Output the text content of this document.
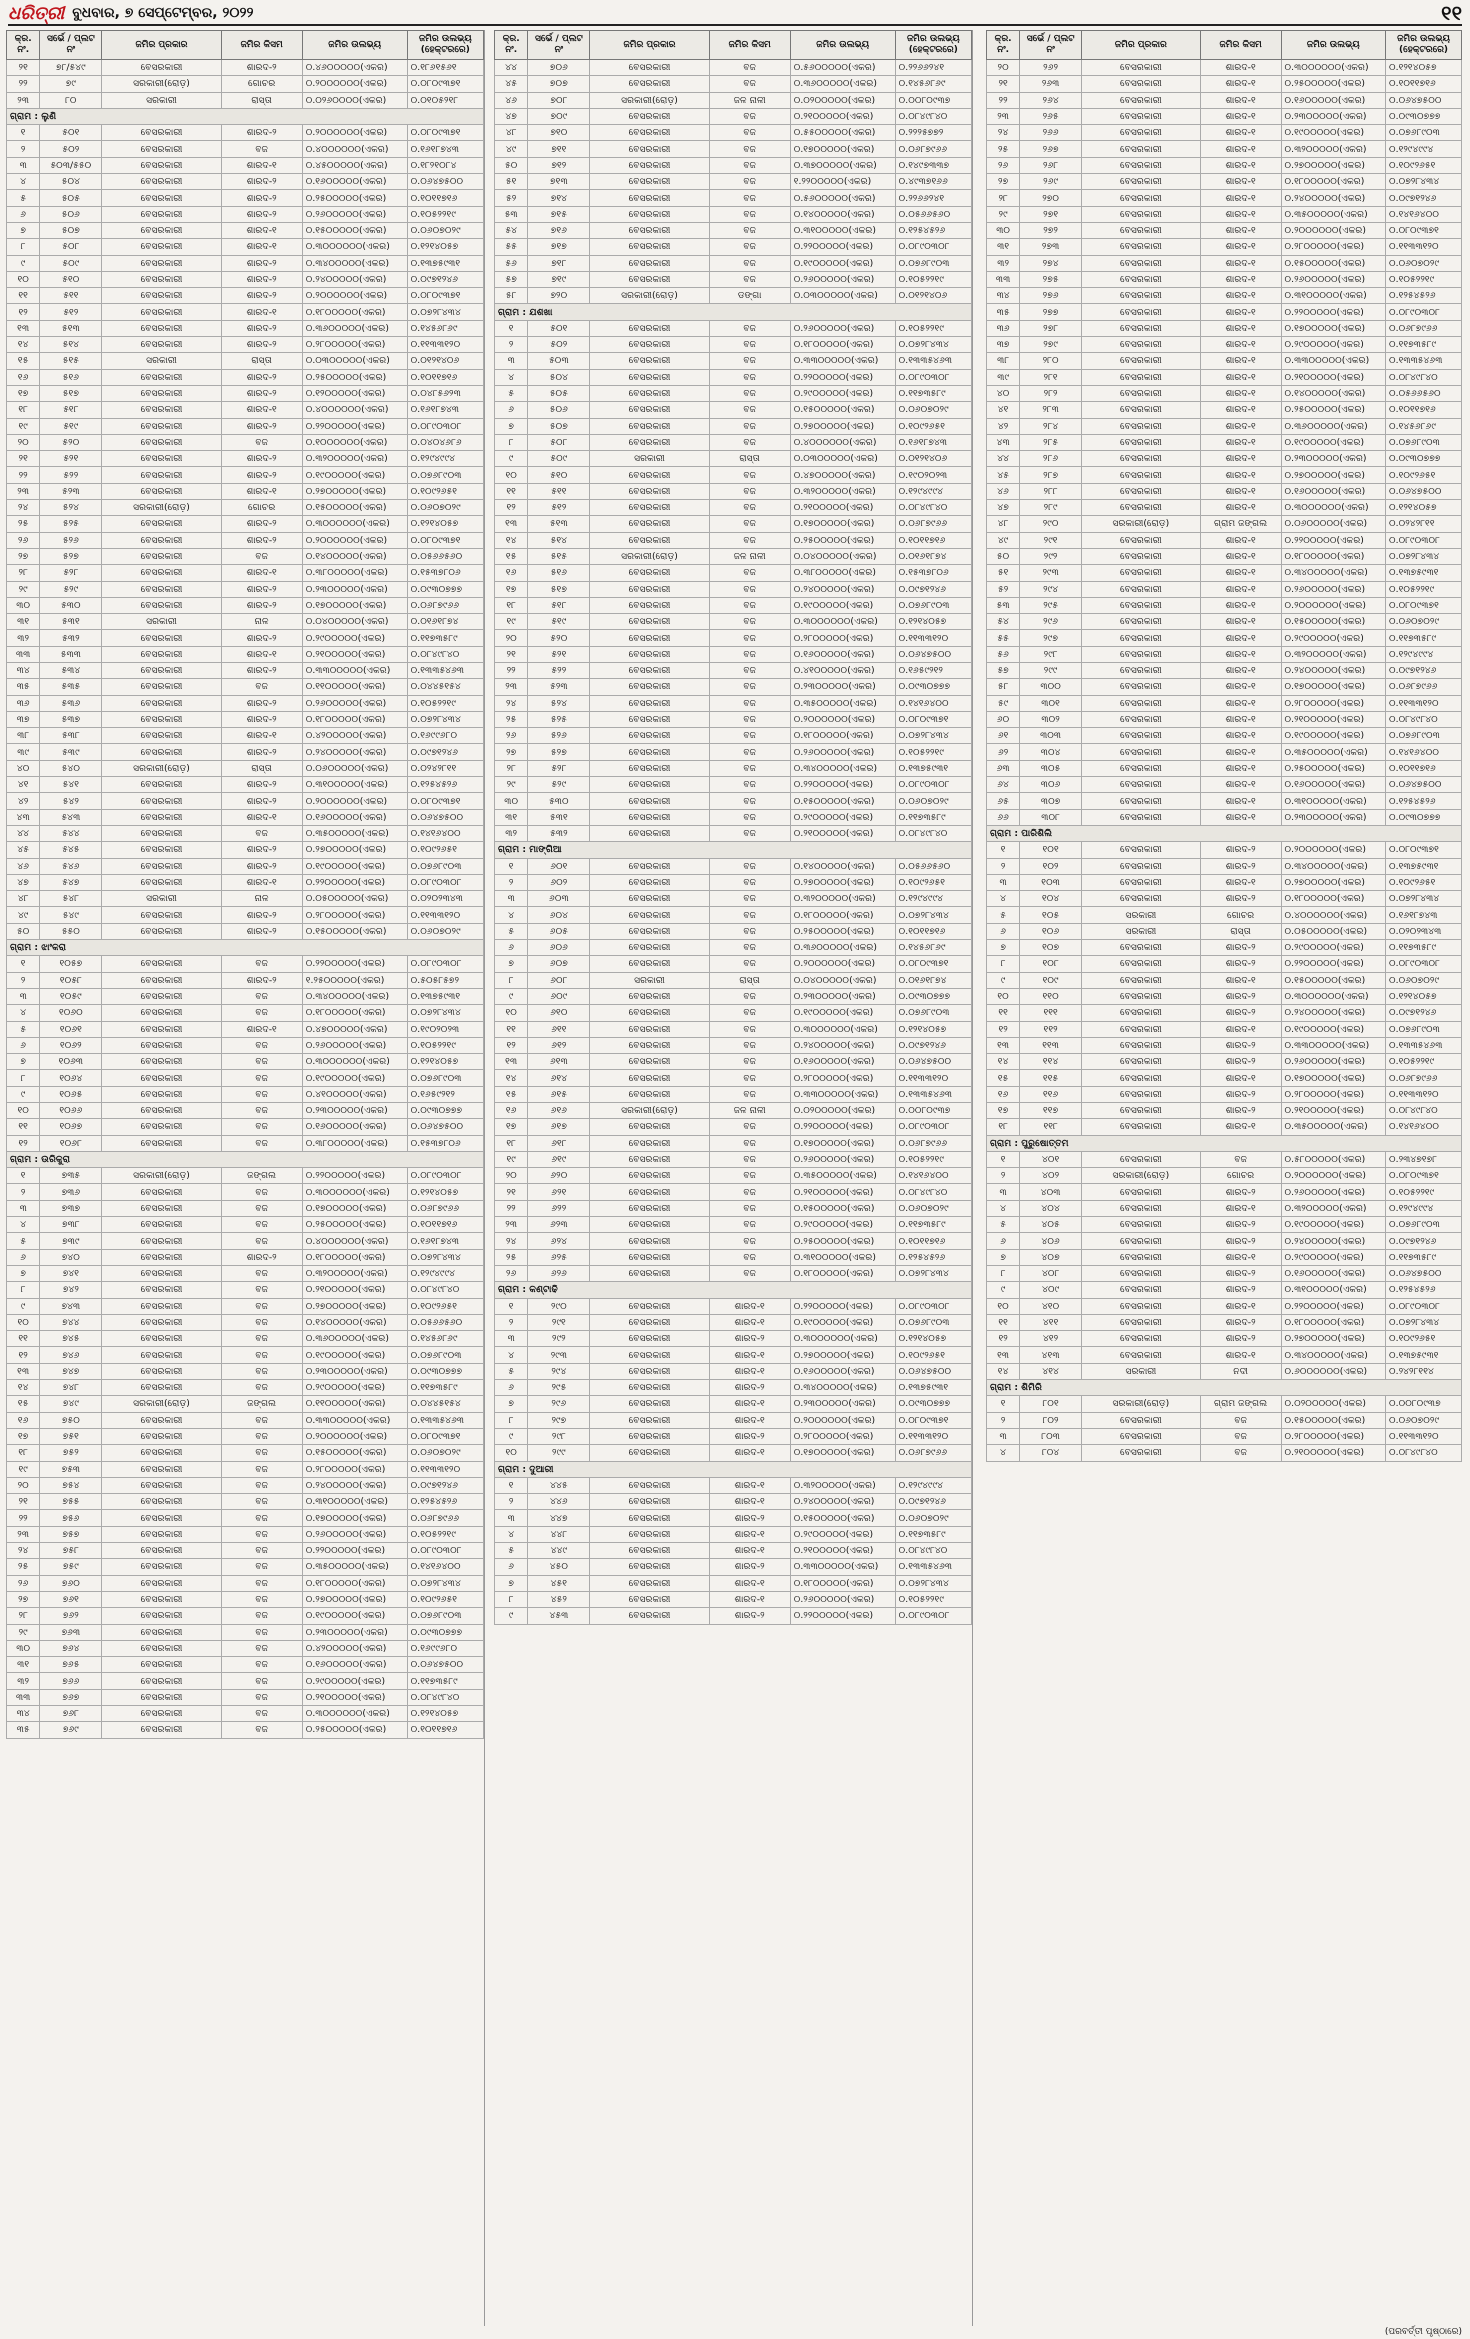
ଧରିତ୍ରୀ ବୁଧବାର, ୭ ସେପ୍ଟେମ୍ବର, ୨୦୨୨	୧୧
କ୍ର. ନଂ.	ସର୍ଭେ / ପ୍ଲଟ ନଂ	ଜମିର ପ୍ରକାର	ଜମିର କିସମ	ଜମିର ଉଲଭ୍ୟ	ଜମିର ଉଲଭ୍ୟ (ହେକ୍ଟରରେ)
୨୧	୭୮/୫୪୯	ବେସରକାରୀ	ଶାରଦ-୨	୦.୪୬୦୦୦୦୦(ଏକର)	୦.୧୮୬୧୫୬୧
୨୨	୭୯	ସରକାରୀ(ରୋଡ଼)	ଗୋଚର	୦.୨୦୦୦୦୦୦(ଏକର)	୦.୦୮୦୯୩୭୧
୨୩	୮୦	ସରକାରୀ	ରାସ୍ତା	୦.୦୨୬୦୦୦୦(ଏକର)	୦.୦୧୦୫୨୧୮
ଗ୍ରାମ : ଲୁଣି					
୧	୫୦୧	ବେସରକାରୀ	ଶାରଦ-୨	୦.୨୦୦୦୦୦୦(ଏକର)	୦.୦୮୦୯୩୭୧
୨	୫୦୨	ବେସରକାରୀ	ବଜ	୦.୪୦୦୦୦୦୦(ଏକର)	୦.୧୬୧୮୭୪୩
୩	୫୦୩/୫୫୦	ବେସରକାରୀ	ଶାରଦ-୧	୦.୪୫୦୦୦୦୦(ଏକର)	୦.୧୮୨୧୦୮୪
୪	୫୦୪	ବେସରକାରୀ	ଶାରଦ-୨	୦.୧୬୦୦୦୦୦(ଏକର)	୦.୦୬୪୭୫୦୦
୫	୫୦୫	ବେସରକାରୀ	ଶାରଦ-୨	୦.୨୫୦୦୦୦୦(ଏକର)	୦.୧୦୧୧୭୧୬
୬	୫୦୬	ବେସରକାରୀ	ଶାରଦ-୨	୦.୨୬୦୦୦୦୦(ଏକର)	୦.୧୦୫୨୨୧୯
୭	୫୦୭	ବେସରକାରୀ	ଶାରଦ-୧	୦.୧୫୦୦୦୦୦(ଏକର)	୦.୦୬୦୭୦୨୯
୮	୫୦୮	ବେସରକାରୀ	ଶାରଦ-୧	୦.୩୦୦୦୦୦୦(ଏକର)	୦.୧୨୧୪୦୫୭
୯	୫୦୯	ବେସରକାରୀ	ଶାରଦ-୨	୦.୩୪୦୦୦୦୦(ଏକର)	୦.୧୩୭୫୯୩୧
୧୦	୫୧୦	ବେସରକାରୀ	ଶାରଦ-୨	୦.୨୪୦୦୦୦୦(ଏକର)	୦.୦୯୭୧୨୪୬
୧୧	୫୧୧	ବେସରକାରୀ	ଶାରଦ-୨	୦.୨୦୦୦୦୦୦(ଏକର)	୦.୦୮୦୯୩୭୧
୧୨	୫୧୨	ବେସରକାରୀ	ଶାରଦ-୧	୦.୧୮୦୦୦୦୦(ଏକର)	୦.୦୭୨୮୪୩୪
୧୩	୫୧୩	ବେସରକାରୀ	ଶାରଦ-୨	୦.୩୬୦୦୦୦୦(ଏକର)	୦.୧୪୫୬୮୬୯
୧୪	୫୧୪	ବେସରକାରୀ	ଶାରଦ-୨	୦.୨୮୦୦୦୦୦(ଏକର)	୦.୧୧୩୩୧୨୦
୧୫	୫୧୫	ସରକାରୀ	ରାସ୍ତା	୦.୦୩୦୦୦୦୦(ଏକର)	୦.୦୧୨୧୪୦୬
୧୬	୫୧୬	ବେସରକାରୀ	ଶାରଦ-୨	୦.୨୫୦୦୦୦୦(ଏକର)	୦.୧୦୧୧୭୧୬
୧୭	୫୧୭	ବେସରକାରୀ	ଶାରଦ-୨	୦.୧୨୦୦୦୦୦(ଏକର)	୦.୦୪୮୫୬୨୩
୧୮	୫୧୮	ବେସରକାରୀ	ଶାରଦ-୧	୦.୪୦୦୦୦୦୦(ଏକର)	୦.୧୬୧୮୭୪୩
୧୯	୫୧୯	ବେସରକାରୀ	ଶାରଦ-୨	୦.୨୨୦୦୦୦୦(ଏକର)	୦.୦୮୯୦୩୦୮
୨୦	୫୨୦	ବେସରକାରୀ	ବଜ	୦.୧୦୦୦୦୦୦(ଏକର)	୦.୦୪୦୪୬୮୬
୨୧	୫୨୧	ବେସରକାରୀ	ଶାରଦ-୨	୦.୩୨୦୦୦୦୦(ଏକର)	୦.୧୨୯୪୯୯୪
୨୨	୫୨୨	ବେସରକାରୀ	ଶାରଦ-୨	୦.୧୯୦୦୦୦୦(ଏକର)	୦.୦୭୬୮୯୦୩
୨୩	୫୨୩	ବେସରକାରୀ	ଶାରଦ-୧	୦.୨୭୦୦୦୦୦(ଏକର)	୦.୧୦୯୨୬୫୧
୨୪	୫୨୪	ସରକାରୀ(ରୋଡ଼)	ଗୋଚର	୦.୧୫୦୦୦୦୦(ଏକର)	୦.୦୬୦୭୦୨୯
୨୫	୫୨୫	ବେସରକାରୀ	ଶାରଦ-୨	୦.୩୦୦୦୦୦୦(ଏକର)	୦.୧୨୧୪୦୫୭
୨୬	୫୨୬	ବେସରକାରୀ	ଶାରଦ-୨	୦.୨୦୦୦୦୦୦(ଏକର)	୦.୦୮୦୯୩୭୧
୨୭	୫୨୭	ବେସରକାରୀ	ବଜ	୦.୧୪୦୦୦୦୦(ଏକର)	୦.୦୫୬୬୫୬୦
୨୮	୫୨୮	ବେସରକାରୀ	ଶାରଦ-୧	୦.୩୮୦୦୦୦୦(ଏକର)	୦.୧୫୩୭୮୦୬
୨୯	୫୨୯	ବେସରକାରୀ	ଶାରଦ-୨	୦.୨୩୦୦୦୦୦(ଏକର)	୦.୦୯୩୦୭୭୭
୩୦	୫୩୦	ବେସରକାରୀ	ଶାରଦ-୨	୦.୧୭୦୦୦୦୦(ଏକର)	୦.୦୬୮୭୯୬୬
୩୧	୫୩୧	ସରକାରୀ	ନାଳ	୦.୦୪୦୦୦୦୦(ଏକର)	୦.୦୧୬୧୮୭୪
୩୨	୫୩୨	ବେସରକାରୀ	ଶାରଦ-୨	୦.୨୯୦୦୦୦୦(ଏକର)	୦.୧୧୭୩୫୮୯
୩୩	୫୩୩	ବେସରକାରୀ	ଶାରଦ-୧	୦.୨୧୦୦୦୦୦(ଏକର)	୦.୦୮୪୯୮୪୦
୩୪	୫୩୪	ବେସରକାରୀ	ଶାରଦ-୨	୦.୩୩୦୦୦୦୦(ଏକର)	୦.୧୩୩୫୪୬୩
୩୫	୫୩୫	ବେସରକାରୀ	ବଜ	୦.୧୧୦୦୦୦୦(ଏକର)	୦.୦୪୪୫୧୫୪
୩୬	୫୩୬	ବେସରକାରୀ	ଶାରଦ-୨	୦.୨୬୦୦୦୦୦(ଏକର)	୦.୧୦୫୨୨୧୯
୩୭	୫୩୭	ବେସରକାରୀ	ଶାରଦ-୨	୦.୧୮୦୦୦୦୦(ଏକର)	୦.୦୭୨୮୪୩୪
୩୮	୫୩୮	ବେସରକାରୀ	ଶାରଦ-୧	୦.୪୨୦୦୦୦୦(ଏକର)	୦.୧୬୯୯୬୮୦
୩୯	୫୩୯	ବେସରକାରୀ	ଶାରଦ-୨	୦.୨୪୦୦୦୦୦(ଏକର)	୦.୦୯୭୧୨୪୬
୪୦	୫୪୦	ସରକାରୀ(ରୋଡ଼)	ରାସ୍ତା	୦.୦୬୦୦୦୦୦(ଏକର)	୦.୦୨୪୨୮୧୧
୪୧	୫୪୧	ବେସରକାରୀ	ଶାରଦ-୨	୦.୩୧୦୦୦୦୦(ଏକର)	୦.୧୨୫୪୫୨୬
୪୨	୫୪୨	ବେସରକାରୀ	ଶାରଦ-୨	୦.୨୦୦୦୦୦୦(ଏକର)	୦.୦୮୦୯୩୭୧
୪୩	୫୪୩	ବେସରକାରୀ	ଶାରଦ-୧	୦.୧୬୦୦୦୦୦(ଏକର)	୦.୦୬୪୭୫୦୦
୪୪	୫୪୪	ବେସରକାରୀ	ବଜ	୦.୩୫୦୦୦୦୦(ଏକର)	୦.୧୪୧୬୪୦୦
୪୫	୫୪୫	ବେସରକାରୀ	ଶାରଦ-୨	୦.୨୭୦୦୦୦୦(ଏକର)	୦.୧୦୯୨୬୫୧
୪୬	୫୪୬	ବେସରକାରୀ	ଶାରଦ-୨	୦.୧୯୦୦୦୦୦(ଏକର)	୦.୦୭୬୮୯୦୩
୪୭	୫୪୭	ବେସରକାରୀ	ଶାରଦ-୧	୦.୨୨୦୦୦୦୦(ଏକର)	୦.୦୮୯୦୩୦୮
୪୮	୫୪୮	ସରକାରୀ	ନାଳ	୦.୦୫୦୦୦୦୦(ଏକର)	୦.୦୨୦୨୩୪୩
୪୯	୫୪୯	ବେସରକାରୀ	ଶାରଦ-୨	୦.୨୮୦୦୦୦୦(ଏକର)	୦.୧୧୩୩୧୨୦
୫୦	୫୫୦	ବେସରକାରୀ	ଶାରଦ-୨	୦.୧୫୦୦୦୦୦(ଏକର)	୦.୦୬୦୭୦୨୯
ଗ୍ରାମ : ଝାଂକରା					
୧	୧୦୫୭	ବେସରକାରୀ	ବଜ	୦.୨୨୦୦୦୦୦(ଏକର)	୦.୦୮୯୦୩୦୮
୨	୧୦୫୮	ବେସରକାରୀ	ଶାରଦ-୨	୧.୨୫୦୦୦୦୦(ଏକର)	୦.୫୦୫୮୫୭୨
୩	୧୦୫୯	ବେସରକାରୀ	ବଜ	୦.୩୪୦୦୦୦୦(ଏକର)	୦.୧୩୭୫୯୩୧
୪	୧୦୬୦	ବେସରକାରୀ	ବଜ	୦.୧୮୦୦୦୦୦(ଏକର)	୦.୦୭୨୮୪୩୪
୫	୧୦୬୧	ବେସରକାରୀ	ଶାରଦ-୧	୦.୪୭୦୦୦୦୦(ଏକର)	୦.୧୯୦୨୦୨୩
୬	୧୦୬୨	ବେସରକାରୀ	ବଜ	୦.୨୬୦୦୦୦୦(ଏକର)	୦.୧୦୫୨୨୧୯
୭	୧୦୬୩	ବେସରକାରୀ	ବଜ	୦.୩୦୦୦୦୦୦(ଏକର)	୦.୧୨୧୪୦୫୭
୮	୧୦୬୪	ବେସରକାରୀ	ବଜ	୦.୧୯୦୦୦୦୦(ଏକର)	୦.୦୭୬୮୯୦୩
୯	୧୦୬୫	ବେସରକାରୀ	ବଜ	୦.୪୧୦୦୦୦୦(ଏକର)	୦.୧୬୫୯୨୧୨
୧୦	୧୦୬୬	ବେସରକାରୀ	ବଜ	୦.୨୩୦୦୦୦୦(ଏକର)	୦.୦୯୩୦୭୭୭
୧୧	୧୦୬୭	ବେସରକାରୀ	ବଜ	୦.୧୬୦୦୦୦୦(ଏକର)	୦.୦୬୪୭୫୦୦
୧୨	୧୦୬୮	ବେସରକାରୀ	ବଜ	୦.୩୮୦୦୦୦୦(ଏକର)	୦.୧୫୩୭୮୦୬
ଗ୍ରାମ : ଉରିକୁରା					
୧	୭୩୫	ସରକାରୀ(ରୋଡ଼)	ଜଙ୍ଗଲ	୦.୨୨୦୦୦୦୦(ଏକର)	୦.୦୮୯୦୩୦୮
୨	୭୩୬	ବେସରକାରୀ	ବଜ	୦.୩୦୦୦୦୦୦(ଏକର)	୦.୧୨୧୪୦୫୭
୩	୭୩୭	ବେସରକାରୀ	ବଜ	୦.୧୭୦୦୦୦୦(ଏକର)	୦.୦୬୮୭୯୬୬
୪	୭୩୮	ବେସରକାରୀ	ବଜ	୦.୨୫୦୦୦୦୦(ଏକର)	୦.୧୦୧୧୭୧୬
୫	୭୩୯	ବେସରକାରୀ	ବଜ	୦.୪୦୦୦୦୦୦(ଏକର)	୦.୧୬୧୮୭୪୩
୬	୭୪୦	ବେସରକାରୀ	ଶାରଦ-୨	୦.୧୮୦୦୦୦୦(ଏକର)	୦.୦୭୨୮୪୩୪
୭	୭୪୧	ବେସରକାରୀ	ବଜ	୦.୩୨୦୦୦୦୦(ଏକର)	୦.୧୨୯୪୯୯୪
୮	୭୪୨	ବେସରକାରୀ	ବଜ	୦.୨୧୦୦୦୦୦(ଏକର)	୦.୦୮୪୯୮୪୦
୯	୭୪୩	ବେସରକାରୀ	ବଜ	୦.୨୭୦୦୦୦୦(ଏକର)	୦.୧୦୯୨୬୫୧
୧୦	୭୪୪	ବେସରକାରୀ	ବଜ	୦.୧୪୦୦୦୦୦(ଏକର)	୦.୦୫୬୬୫୬୦
୧୧	୭୪୫	ବେସରକାରୀ	ବଜ	୦.୩୬୦୦୦୦୦(ଏକର)	୦.୧୪୫୬୮୬୯
୧୨	୭୪୬	ବେସରକାରୀ	ବଜ	୦.୧୯୦୦୦୦୦(ଏକର)	୦.୦୭୬୮୯୦୩
୧୩	୭୪୭	ବେସରକାରୀ	ବଜ	୦.୨୩୦୦୦୦୦(ଏକର)	୦.୦୯୩୦୭୭୭
୧୪	୭୪୮	ବେସରକାରୀ	ବଜ	୦.୨୯୦୦୦୦୦(ଏକର)	୦.୧୧୭୩୫୮୯
୧୫	୭୪୯	ସରକାରୀ(ରୋଡ଼)	ଜଙ୍ଗଲ	୦.୧୧୦୦୦୦୦(ଏକର)	୦.୦୪୪୫୧୫୪
୧୬	୭୫୦	ବେସରକାରୀ	ବଜ	୦.୩୩୦୦୦୦୦(ଏକର)	୦.୧୩୩୫୪୬୩
୧୭	୭୫୧	ବେସରକାରୀ	ବଜ	୦.୨୦୦୦୦୦୦(ଏକର)	୦.୦୮୦୯୩୭୧
୧୮	୭୫୨	ବେସରକାରୀ	ବଜ	୦.୧୫୦୦୦୦୦(ଏକର)	୦.୦୬୦୭୦୨୯
୧୯	୭୫୩	ବେସରକାରୀ	ବଜ	୦.୨୮୦୦୦୦୦(ଏକର)	୦.୧୧୩୩୧୨୦
୨୦	୭୫୪	ବେସରକାରୀ	ବଜ	୦.୨୪୦୦୦୦୦(ଏକର)	୦.୦୯୭୧୨୪୬
୨୧	୭୫୫	ବେସରକାରୀ	ବଜ	୦.୩୧୦୦୦୦୦(ଏକର)	୦.୧୨୫୪୫୨୬
୨୨	୭୫୬	ବେସରକାରୀ	ବଜ	୦.୧୭୦୦୦୦୦(ଏକର)	୦.୦୬୮୭୯୬୬
୨୩	୭୫୭	ବେସରକାରୀ	ବଜ	୦.୨୬୦୦୦୦୦(ଏକର)	୦.୧୦୫୨୨୧୯
୨୪	୭୫୮	ବେସରକାରୀ	ବଜ	୦.୨୨୦୦୦୦୦(ଏକର)	୦.୦୮୯୦୩୦୮
୨୫	୭୫୯	ବେସରକାରୀ	ବଜ	୦.୩୫୦୦୦୦୦(ଏକର)	୦.୧୪୧୬୪୦୦
୨୬	୭୬୦	ବେସରକାରୀ	ବଜ	୦.୧୮୦୦୦୦୦(ଏକର)	୦.୦୭୨୮୪୩୪
୨୭	୭୬୧	ବେସରକାରୀ	ବଜ	୦.୨୭୦୦୦୦୦(ଏକର)	୦.୧୦୯୨୬୫୧
୨୮	୭୬୨	ବେସରକାରୀ	ବଜ	୦.୧୯୦୦୦୦୦(ଏକର)	୦.୦୭୬୮୯୦୩
୨୯	୭୬୩	ବେସରକାରୀ	ବଜ	୦.୨୩୦୦୦୦୦(ଏକର)	୦.୦୯୩୦୭୭୭
୩୦	୭୬୪	ବେସରକାରୀ	ବଜ	୦.୪୨୦୦୦୦୦(ଏକର)	୦.୧୬୯୯୬୮୦
୩୧	୭୬୫	ବେସରକାରୀ	ବଜ	୦.୧୬୦୦୦୦୦(ଏକର)	୦.୦୬୪୭୫୦୦
୩୨	୭୬୬	ବେସରକାରୀ	ବଜ	୦.୨୯୦୦୦୦୦(ଏକର)	୦.୧୧୭୩୫୮୯
୩୩	୭୬୭	ବେସରକାରୀ	ବଜ	୦.୨୧୦୦୦୦୦(ଏକର)	୦.୦୮୪୯୮୪୦
୩୪	୭୬୮	ବେସରକାରୀ	ବଜ	୦.୩୦୦୦୦୦୦(ଏକର)	୦.୧୨୧୪୦୫୭
୩୫	୭୬୯	ବେସରକାରୀ	ବଜ	୦.୨୫୦୦୦୦୦(ଏକର)	୦.୧୦୧୧୭୧୬
କ୍ର. ନଂ.	ସର୍ଭେ / ପ୍ଲଟ ନଂ	ଜମିର ପ୍ରକାର	ଜମିର କିସମ	ଜମିର ଉଲଭ୍ୟ	ଜମିର ଉଲଭ୍ୟ (ହେକ୍ଟରରେ)
୪୪	୭୦୬	ବେସରକାରୀ	ବଜ	୦.୫୬୦୦୦୦୦(ଏକର)	୦.୨୨୬୬୨୪୧
୪୫	୭୦୭	ବେସରକାରୀ	ବଜ	୦.୩୬୦୦୦୦୦(ଏକର)	୦.୧୪୫୬୮୬୯
୪୬	୭୦୮	ସରକାରୀ(ରୋଡ଼)	ଜଳ ନାଳୀ	୦.୦୨୦୦୦୦୦(ଏକର)	୦.୦୦୮୦୯୩୭
୪୭	୭୦୯	ବେସରକାରୀ	ବଜ	୦.୨୧୦୦୦୦୦(ଏକର)	୦.୦୮୪୯୮୪୦
୪୮	୭୧୦	ବେସରକାରୀ	ବଜ	୦.୫୫୦୦୦୦୦(ଏକର)	୦.୨୨୨୫୭୭୨
୪୯	୭୧୧	ବେସରକାରୀ	ବଜ	୦.୧୭୦୦୦୦୦(ଏକର)	୦.୦୬୮୭୯୬୬
୫୦	୭୧୨	ବେସରକାରୀ	ବଜ	୦.୩୭୦୦୦୦୦(ଏକର)	୦.୧୪୯୭୩୩୭
୫୧	୭୧୩	ବେସରକାରୀ	ବଜ	୧.୨୨୦୦୦୦୦(ଏକର)	୦.୪୯୩୭୧୬୬
୫୨	୭୧୪	ବେସରକାରୀ	ବଜ	୦.୫୬୦୦୦୦୦(ଏକର)	୦.୨୨୬୬୨୪୧
୫୩	୭୧୫	ବେସରକାରୀ	ବଜ	୦.୧୪୦୦୦୦୦(ଏକର)	୦.୦୫୬୬୫୬୦
୫୪	୭୧୬	ବେସରକାରୀ	ବଜ	୦.୩୧୦୦୦୦୦(ଏକର)	୦.୧୨୫୪୫୨୬
୫୫	୭୧୭	ବେସରକାରୀ	ବଜ	୦.୨୨୦୦୦୦୦(ଏକର)	୦.୦୮୯୦୩୦୮
୫୬	୭୧୮	ବେସରକାରୀ	ବଜ	୦.୧୯୦୦୦୦୦(ଏକର)	୦.୦୭୬୮୯୦୩
୫୭	୭୧୯	ବେସରକାରୀ	ବଜ	୦.୨୬୦୦୦୦୦(ଏକର)	୦.୧୦୫୨୨୧୯
୫୮	୭୨୦	ସରକାରୀ(ରୋଡ଼)	ଡଙ୍ଗା	୦.୦୩୦୦୦୦୦(ଏକର)	୦.୦୧୨୧୪୦୬
ଗ୍ରାମ : ଯଶଖା					
୧	୫୦୧	ବେସରକାରୀ	ବଜ	୦.୨୬୦୦୦୦୦(ଏକର)	୦.୧୦୫୨୨୧୯
୨	୫୦୨	ବେସରକାରୀ	ବଜ	୦.୧୮୦୦୦୦୦(ଏକର)	୦.୦୭୨୮୪୩୪
୩	୫୦୩	ବେସରକାରୀ	ବଜ	୦.୩୩୦୦୦୦୦(ଏକର)	୦.୧୩୩୫୪୬୩
୪	୫୦୪	ବେସରକାରୀ	ବଜ	୦.୨୨୦୦୦୦୦(ଏକର)	୦.୦୮୯୦୩୦୮
୫	୫୦୫	ବେସରକାରୀ	ବଜ	୦.୨୯୦୦୦୦୦(ଏକର)	୦.୧୧୭୩୫୮୯
୬	୫୦୬	ବେସରକାରୀ	ବଜ	୦.୧୫୦୦୦୦୦(ଏକର)	୦.୦୬୦୭୦୨୯
୭	୫୦୭	ବେସରକାରୀ	ବଜ	୦.୨୭୦୦୦୦୦(ଏକର)	୦.୧୦୯୨୬୫୧
୮	୫୦୮	ବେସରକାରୀ	ବଜ	୦.୪୦୦୦୦୦୦(ଏକର)	୦.୧୬୧୮୭୪୩
୯	୫୦୯	ସରକାରୀ	ରାସ୍ତା	୦.୦୩୦୦୦୦୦(ଏକର)	୦.୦୧୨୧୪୦୬
୧୦	୫୧୦	ବେସରକାରୀ	ବଜ	୦.୪୭୦୦୦୦୦(ଏକର)	୦.୧୯୦୨୦୨୩
୧୧	୫୧୧	ବେସରକାରୀ	ବଜ	୦.୩୨୦୦୦୦୦(ଏକର)	୦.୧୨୯୪୯୯୪
୧୨	୫୧୨	ବେସରକାରୀ	ବଜ	୦.୨୧୦୦୦୦୦(ଏକର)	୦.୦୮୪୯୮୪୦
୧୩	୫୧୩	ବେସରକାରୀ	ବଜ	୦.୧୭୦୦୦୦୦(ଏକର)	୦.୦୬୮୭୯୬୬
୧୪	୫୧୪	ବେସରକାରୀ	ବଜ	୦.୨୫୦୦୦୦୦(ଏକର)	୦.୧୦୧୧୭୧୬
୧୫	୫୧୫	ସରକାରୀ(ରୋଡ଼)	ଜଳ ନାଳୀ	୦.୦୪୦୦୦୦୦(ଏକର)	୦.୦୧୬୧୮୭୪
୧୬	୫୧୬	ବେସରକାରୀ	ବଜ	୦.୩୮୦୦୦୦୦(ଏକର)	୦.୧୫୩୭୮୦୬
୧୭	୫୧୭	ବେସରକାରୀ	ବଜ	୦.୨୪୦୦୦୦୦(ଏକର)	୦.୦୯୭୧୨୪୬
୧୮	୫୧୮	ବେସରକାରୀ	ବଜ	୦.୧୯୦୦୦୦୦(ଏକର)	୦.୦୭୬୮୯୦୩
୧୯	୫୧୯	ବେସରକାରୀ	ବଜ	୦.୩୦୦୦୦୦୦(ଏକର)	୦.୧୨୧୪୦୫୭
୨୦	୫୨୦	ବେସରକାରୀ	ବଜ	୦.୨୮୦୦୦୦୦(ଏକର)	୦.୧୧୩୩୧୨୦
୨୧	୫୨୧	ବେସରକାରୀ	ବଜ	୦.୧୬୦୦୦୦୦(ଏକର)	୦.୦୬୪୭୫୦୦
୨୨	୫୨୨	ବେସରକାରୀ	ବଜ	୦.୪୧୦୦୦୦୦(ଏକର)	୦.୧୬୫୯୨୧୨
୨୩	୫୨୩	ବେସରକାରୀ	ବଜ	୦.୨୩୦୦୦୦୦(ଏକର)	୦.୦୯୩୦୭୭୭
୨୪	୫୨୪	ବେସରକାରୀ	ବଜ	୦.୩୫୦୦୦୦୦(ଏକର)	୦.୧୪୧୬୪୦୦
୨୫	୫୨୫	ବେସରକାରୀ	ବଜ	୦.୨୦୦୦୦୦୦(ଏକର)	୦.୦୮୦୯୩୭୧
୨୬	୫୨୬	ବେସରକାରୀ	ବଜ	୦.୧୮୦୦୦୦୦(ଏକର)	୦.୦୭୨୮୪୩୪
୨୭	୫୨୭	ବେସରକାରୀ	ବଜ	୦.୨୬୦୦୦୦୦(ଏକର)	୦.୧୦୫୨୨୧୯
୨୮	୫୨୮	ବେସରକାରୀ	ବଜ	୦.୩୪୦୦୦୦୦(ଏକର)	୦.୧୩୭୫୯୩୧
୨୯	୫୨୯	ବେସରକାରୀ	ବଜ	୦.୨୨୦୦୦୦୦(ଏକର)	୦.୦୮୯୦୩୦୮
୩୦	୫୩୦	ବେସରକାରୀ	ବଜ	୦.୧୫୦୦୦୦୦(ଏକର)	୦.୦୬୦୭୦୨୯
୩୧	୫୩୧	ବେସରକାରୀ	ବଜ	୦.୨୯୦୦୦୦୦(ଏକର)	୦.୧୧୭୩୫୮୯
୩୨	୫୩୨	ବେସରକାରୀ	ବଜ	୦.୨୧୦୦୦୦୦(ଏକର)	୦.୦୮୪୯୮୪୦
ଗ୍ରାମ : ମାଙ୍ଗିଆ					
୧	୬୦୧	ବେସରକାରୀ	ବଜ	୦.୧୪୦୦୦୦୦(ଏକର)	୦.୦୫୬୬୫୬୦
୨	୬୦୨	ବେସରକାରୀ	ବଜ	୦.୨୭୦୦୦୦୦(ଏକର)	୦.୧୦୯୨୬୫୧
୩	୬୦୩	ବେସରକାରୀ	ବଜ	୦.୩୨୦୦୦୦୦(ଏକର)	୦.୧୨୯୪୯୯୪
୪	୬୦୪	ବେସରକାରୀ	ବଜ	୦.୧୮୦୦୦୦୦(ଏକର)	୦.୦୭୨୮୪୩୪
୫	୬୦୫	ବେସରକାରୀ	ବଜ	୦.୨୫୦୦୦୦୦(ଏକର)	୦.୧୦୧୧୭୧୬
୬	୬୦୬	ବେସରକାରୀ	ବଜ	୦.୩୬୦୦୦୦୦(ଏକର)	୦.୧୪୫୬୮୬୯
୭	୬୦୭	ବେସରକାରୀ	ବଜ	୦.୨୦୦୦୦୦୦(ଏକର)	୦.୦୮୦୯୩୭୧
୮	୬୦୮	ସରକାରୀ	ରାସ୍ତା	୦.୦୪୦୦୦୦୦(ଏକର)	୦.୦୧୬୧୮୭୪
୯	୬୦୯	ବେସରକାରୀ	ବଜ	୦.୨୩୦୦୦୦୦(ଏକର)	୦.୦୯୩୦୭୭୭
୧୦	୬୧୦	ବେସରକାରୀ	ବଜ	୦.୧୯୦୦୦୦୦(ଏକର)	୦.୦୭୬୮୯୦୩
୧୧	୬୧୧	ବେସରକାରୀ	ବଜ	୦.୩୦୦୦୦୦୦(ଏକର)	୦.୧୨୧୪୦୫୭
୧୨	୬୧୨	ବେସରକାରୀ	ବଜ	୦.୨୪୦୦୦୦୦(ଏକର)	୦.୦୯୭୧୨୪୬
୧୩	୬୧୩	ବେସରକାରୀ	ବଜ	୦.୧୬୦୦୦୦୦(ଏକର)	୦.୦୬୪୭୫୦୦
୧୪	୬୧୪	ବେସରକାରୀ	ବଜ	୦.୨୮୦୦୦୦୦(ଏକର)	୦.୧୧୩୩୧୨୦
୧୫	୬୧୫	ବେସରକାରୀ	ବଜ	୦.୩୩୦୦୦୦୦(ଏକର)	୦.୧୩୩୫୪୬୩
୧୬	୬୧୬	ସରକାରୀ(ରୋଡ଼)	ଜଳ ନାଳୀ	୦.୦୨୦୦୦୦୦(ଏକର)	୦.୦୦୮୦୯୩୭
୧୭	୬୧୭	ବେସରକାରୀ	ବଜ	୦.୨୨୦୦୦୦୦(ଏକର)	୦.୦୮୯୦୩୦୮
୧୮	୬୧୮	ବେସରକାରୀ	ବଜ	୦.୧୭୦୦୦୦୦(ଏକର)	୦.୦୬୮୭୯୬୬
୧୯	୬୧୯	ବେସରକାରୀ	ବଜ	୦.୨୬୦୦୦୦୦(ଏକର)	୦.୧୦୫୨୨୧୯
୨୦	୬୨୦	ବେସରକାରୀ	ବଜ	୦.୩୫୦୦୦୦୦(ଏକର)	୦.୧୪୧୬୪୦୦
୨୧	୬୨୧	ବେସରକାରୀ	ବଜ	୦.୨୧୦୦୦୦୦(ଏକର)	୦.୦୮୪୯୮୪୦
୨୨	୬୨୨	ବେସରକାରୀ	ବଜ	୦.୧୫୦୦୦୦୦(ଏକର)	୦.୦୬୦୭୦୨୯
୨୩	୬୨୩	ବେସରକାରୀ	ବଜ	୦.୨୯୦୦୦୦୦(ଏକର)	୦.୧୧୭୩୫୮୯
୨୪	୬୨୪	ବେସରକାରୀ	ବଜ	୦.୨୫୦୦୦୦୦(ଏକର)	୦.୧୦୧୧୭୧୬
୨୫	୬୨୫	ବେସରକାରୀ	ବଜ	୦.୩୧୦୦୦୦୦(ଏକର)	୦.୧୨୫୪୫୨୬
୨୬	୬୨୬	ବେସରକାରୀ	ବଜ	୦.୧୮୦୦୦୦୦(ଏକର)	୦.୦୭୨୮୪୩୪
ଗ୍ରାମ : କଣ୍ଟାଢି					
୧	୨୯୦	ବେସରକାରୀ	ଶାରଦ-୧	୦.୨୨୦୦୦୦୦(ଏକର)	୦.୦୮୯୦୩୦୮
୨	୨୯୧	ବେସରକାରୀ	ଶାରଦ-୧	୦.୧୯୦୦୦୦୦(ଏକର)	୦.୦୭୬୮୯୦୩
୩	୨୯୨	ବେସରକାରୀ	ଶାରଦ-୨	୦.୩୦୦୦୦୦୦(ଏକର)	୦.୧୨୧୪୦୫୭
୪	୨୯୩	ବେସରକାରୀ	ଶାରଦ-୧	୦.୨୭୦୦୦୦୦(ଏକର)	୦.୧୦୯୨୬୫୧
୫	୨୯୪	ବେସରକାରୀ	ଶାରଦ-୧	୦.୧୬୦୦୦୦୦(ଏକର)	୦.୦୬୪୭୫୦୦
୬	୨୯୫	ବେସରକାରୀ	ଶାରଦ-୨	୦.୩୪୦୦୦୦୦(ଏକର)	୦.୧୩୭୫୯୩୧
୭	୨୯୬	ବେସରକାରୀ	ଶାରଦ-୧	୦.୨୩୦୦୦୦୦(ଏକର)	୦.୦୯୩୦୭୭୭
୮	୨୯୭	ବେସରକାରୀ	ଶାରଦ-୧	୦.୨୦୦୦୦୦୦(ଏକର)	୦.୦୮୦୯୩୭୧
୯	୨୯୮	ବେସରକାରୀ	ଶାରଦ-୨	୦.୨୮୦୦୦୦୦(ଏକର)	୦.୧୧୩୩୧୨୦
୧୦	୨୯୯	ବେସରକାରୀ	ଶାରଦ-୧	୦.୧୭୦୦୦୦୦(ଏକର)	୦.୦୬୮୭୯୬୬
ଗ୍ରାମ : ଦୁଆରୀ					
୧	୪୪୫	ବେସରକାରୀ	ଶାରଦ-୧	୦.୩୨୦୦୦୦୦(ଏକର)	୦.୧୨୯୪୯୯୪
୨	୪୪୬	ବେସରକାରୀ	ଶାରଦ-୧	୦.୨୪୦୦୦୦୦(ଏକର)	୦.୦୯୭୧୨୪୬
୩	୪୪୭	ବେସରକାରୀ	ଶାରଦ-୨	୦.୧୫୦୦୦୦୦(ଏକର)	୦.୦୬୦୭୦୨୯
୪	୪୪୮	ବେସରକାରୀ	ଶାରଦ-୧	୦.୨୯୦୦୦୦୦(ଏକର)	୦.୧୧୭୩୫୮୯
୫	୪୪୯	ବେସରକାରୀ	ଶାରଦ-୧	୦.୨୧୦୦୦୦୦(ଏକର)	୦.୦୮୪୯୮୪୦
୬	୪୫୦	ବେସରକାରୀ	ଶାରଦ-୨	୦.୩୩୦୦୦୦୦(ଏକର)	୦.୧୩୩୫୪୬୩
୭	୪୫୧	ବେସରକାରୀ	ଶାରଦ-୧	୦.୧୮୦୦୦୦୦(ଏକର)	୦.୦୭୨୮୪୩୪
୮	୪୫୨	ବେସରକାରୀ	ଶାରଦ-୧	୦.୨୬୦୦୦୦୦(ଏକର)	୦.୧୦୫୨୨୧୯
୯	୪୫୩	ବେସରକାରୀ	ଶାରଦ-୨	୦.୨୨୦୦୦୦୦(ଏକର)	୦.୦୮୯୦୩୦୮
କ୍ର. ନଂ.	ସର୍ଭେ / ପ୍ଲଟ ନଂ	ଜମିର ପ୍ରକାର	ଜମିର କିସମ	ଜମିର ଉଲଭ୍ୟ	ଜମିର ଉଲଭ୍ୟ (ହେକ୍ଟରରେ)
୨୦	୨୬୨	ବେସରକାରୀ	ଶାରଦ-୧	୦.୩୦୦୦୦୦୦(ଏକର)	୦.୧୨୧୪୦୫୭
୨୧	୨୬୩	ବେସରକାରୀ	ଶାରଦ-୧	୦.୨୫୦୦୦୦୦(ଏକର)	୦.୧୦୧୧୭୧୬
୨୨	୨୬୪	ବେସରକାରୀ	ଶାରଦ-୧	୦.୧୬୦୦୦୦୦(ଏକର)	୦.୦୬୪୭୫୦୦
୨୩	୨୬୫	ବେସରକାରୀ	ଶାରଦ-୧	୦.୨୩୦୦୦୦୦(ଏକର)	୦.୦୯୩୦୭୭୭
୨୪	୨୬୬	ବେସରକାରୀ	ଶାରଦ-୧	୦.୧୯୦୦୦୦୦(ଏକର)	୦.୦୭୬୮୯୦୩
୨୫	୨୬୭	ବେସରକାରୀ	ଶାରଦ-୧	୦.୩୨୦୦୦୦୦(ଏକର)	୦.୧୨୯୪୯୯୪
୨୬	୨୬୮	ବେସରକାରୀ	ଶାରଦ-୧	୦.୨୭୦୦୦୦୦(ଏକର)	୦.୧୦୯୨୬୫୧
୨୭	୨୬୯	ବେସରକାରୀ	ଶାରଦ-୧	୦.୧୮୦୦୦୦୦(ଏକର)	୦.୦୭୨୮୪୩୪
୨୮	୨୭୦	ବେସରକାରୀ	ଶାରଦ-୧	୦.୨୪୦୦୦୦୦(ଏକର)	୦.୦୯୭୧୨୪୬
୨୯	୨୭୧	ବେସରକାରୀ	ଶାରଦ-୧	୦.୩୫୦୦୦୦୦(ଏକର)	୦.୧୪୧୬୪୦୦
୩୦	୨୭୨	ବେସରକାରୀ	ଶାରଦ-୧	୦.୨୦୦୦୦୦୦(ଏକର)	୦.୦୮୦୯୩୭୧
୩୧	୨୭୩	ବେସରକାରୀ	ଶାରଦ-୧	୦.୨୮୦୦୦୦୦(ଏକର)	୦.୧୧୩୩୧୨୦
୩୨	୨୭୪	ବେସରକାରୀ	ଶାରଦ-୧	୦.୧୫୦୦୦୦୦(ଏକର)	୦.୦୬୦୭୦୨୯
୩୩	୨୭୫	ବେସରକାରୀ	ଶାରଦ-୧	୦.୨୬୦୦୦୦୦(ଏକର)	୦.୧୦୫୨୨୧୯
୩୪	୨୭୬	ବେସରକାରୀ	ଶାରଦ-୧	୦.୩୧୦୦୦୦୦(ଏକର)	୦.୧୨୫୪୫୨୬
୩୫	୨୭୭	ବେସରକାରୀ	ଶାରଦ-୧	୦.୨୨୦୦୦୦୦(ଏକର)	୦.୦୮୯୦୩୦୮
୩୬	୨୭୮	ବେସରକାରୀ	ଶାରଦ-୧	୦.୧୭୦୦୦୦୦(ଏକର)	୦.୦୬୮୭୯୬୬
୩୭	୨୭୯	ବେସରକାରୀ	ଶାରଦ-୧	୦.୨୯୦୦୦୦୦(ଏକର)	୦.୧୧୭୩୫୮୯
୩୮	୨୮୦	ବେସରକାରୀ	ଶାରଦ-୧	୦.୩୩୦୦୦୦୦(ଏକର)	୦.୧୩୩୫୪୬୩
୩୯	୨୮୧	ବେସରକାରୀ	ଶାରଦ-୧	୦.୨୧୦୦୦୦୦(ଏକର)	୦.୦୮୪୯୮୪୦
୪୦	୨୮୨	ବେସରକାରୀ	ଶାରଦ-୧	୦.୧୪୦୦୦୦୦(ଏକର)	୦.୦୫୬୬୫୬୦
୪୧	୨୮୩	ବେସରକାରୀ	ଶାରଦ-୧	୦.୨୫୦୦୦୦୦(ଏକର)	୦.୧୦୧୧୭୧୬
୪୨	୨୮୪	ବେସରକାରୀ	ଶାରଦ-୧	୦.୩୬୦୦୦୦୦(ଏକର)	୦.୧୪୫୬୮୬୯
୪୩	୨୮୫	ବେସରକାରୀ	ଶାରଦ-୧	୦.୧୯୦୦୦୦୦(ଏକର)	୦.୦୭୬୮୯୦୩
୪୪	୨୮୬	ବେସରକାରୀ	ଶାରଦ-୧	୦.୨୩୦୦୦୦୦(ଏକର)	୦.୦୯୩୦୭୭୭
୪୫	୨୮୭	ବେସରକାରୀ	ଶାରଦ-୧	୦.୨୭୦୦୦୦୦(ଏକର)	୦.୧୦୯୨୬୫୧
୪୬	୨୮୮	ବେସରକାରୀ	ଶାରଦ-୧	୦.୧୬୦୦୦୦୦(ଏକର)	୦.୦୬୪୭୫୦୦
୪୭	୨୮୯	ବେସରକାରୀ	ଶାରଦ-୧	୦.୩୦୦୦୦୦୦(ଏକର)	୦.୧୨୧୪୦୫୭
୪୮	୨୯୦	ସରକାରୀ(ରୋଡ଼)	ଗ୍ରାମ ଜଙ୍ଗଲ	୦.୦୬୦୦୦୦୦(ଏକର)	୦.୦୨୪୨୮୧୧
୪୯	୨୯୧	ବେସରକାରୀ	ଶାରଦ-୧	୦.୨୨୦୦୦୦୦(ଏକର)	୦.୦୮୯୦୩୦୮
୫୦	୨୯୨	ବେସରକାରୀ	ଶାରଦ-୧	୦.୧୮୦୦୦୦୦(ଏକର)	୦.୦୭୨୮୪୩୪
୫୧	୨୯୩	ବେସରକାରୀ	ଶାରଦ-୧	୦.୩୪୦୦୦୦୦(ଏକର)	୦.୧୩୭୫୯୩୧
୫୨	୨୯୪	ବେସରକାରୀ	ଶାରଦ-୧	୦.୨୬୦୦୦୦୦(ଏକର)	୦.୧୦୫୨୨୧୯
୫୩	୨୯୫	ବେସରକାରୀ	ଶାରଦ-୧	୦.୨୦୦୦୦୦୦(ଏକର)	୦.୦୮୦୯୩୭୧
୫୪	୨୯୬	ବେସରକାରୀ	ଶାରଦ-୧	୦.୧୫୦୦୦୦୦(ଏକର)	୦.୦୬୦୭୦୨୯
୫୫	୨୯୭	ବେସରକାରୀ	ଶାରଦ-୧	୦.୨୯୦୦୦୦୦(ଏକର)	୦.୧୧୭୩୫୮୯
୫୬	୨୯୮	ବେସରକାରୀ	ଶାରଦ-୧	୦.୩୨୦୦୦୦୦(ଏକର)	୦.୧୨୯୪୯୯୪
୫୭	୨୯୯	ବେସରକାରୀ	ଶାରଦ-୧	୦.୨୪୦୦୦୦୦(ଏକର)	୦.୦୯୭୧୨୪୬
୫୮	୩୦୦	ବେସରକାରୀ	ଶାରଦ-୧	୦.୧୭୦୦୦୦୦(ଏକର)	୦.୦୬୮୭୯୬୬
୫୯	୩୦୧	ବେସରକାରୀ	ଶାରଦ-୧	୦.୨୮୦୦୦୦୦(ଏକର)	୦.୧୧୩୩୧୨୦
୬୦	୩୦୨	ବେସରକାରୀ	ଶାରଦ-୧	୦.୨୧୦୦୦୦୦(ଏକର)	୦.୦୮୪୯୮୪୦
୬୧	୩୦୩	ବେସରକାରୀ	ଶାରଦ-୧	୦.୧୯୦୦୦୦୦(ଏକର)	୦.୦୭୬୮୯୦୩
୬୨	୩୦୪	ବେସରକାରୀ	ଶାରଦ-୧	୦.୩୫୦୦୦୦୦(ଏକର)	୦.୧୪୧୬୪୦୦
୬୩	୩୦୫	ବେସରକାରୀ	ଶାରଦ-୧	୦.୨୫୦୦୦୦୦(ଏକର)	୦.୧୦୧୧୭୧୬
୬୪	୩୦୬	ବେସରକାରୀ	ଶାରଦ-୧	୦.୧୬୦୦୦୦୦(ଏକର)	୦.୦୬୪୭୫୦୦
୬୫	୩୦୭	ବେସରକାରୀ	ଶାରଦ-୧	୦.୩୧୦୦୦୦୦(ଏକର)	୦.୧୨୫୪୫୨୬
୬୬	୩୦୮	ବେସରକାରୀ	ଶାରଦ-୧	୦.୨୩୦୦୦୦୦(ଏକର)	୦.୦୯୩୦୭୭୭
ଗ୍ରାମ : ପାରିଶିଲି					
୧	୧୦୧	ବେସରକାରୀ	ଶାରଦ-୨	୦.୨୦୦୦୦୦୦(ଏକର)	୦.୦୮୦୯୩୭୧
୨	୧୦୨	ବେସରକାରୀ	ଶାରଦ-୨	୦.୩୪୦୦୦୦୦(ଏକର)	୦.୧୩୭୫୯୩୧
୩	୧୦୩	ବେସରକାରୀ	ଶାରଦ-୧	୦.୨୭୦୦୦୦୦(ଏକର)	୦.୧୦୯୨୬୫୧
୪	୧୦୪	ବେସରକାରୀ	ଶାରଦ-୨	୦.୧୮୦୦୦୦୦(ଏକର)	୦.୦୭୨୮୪୩୪
୫	୧୦୫	ସରକାରୀ	ଗୋଚର	୦.୪୦୦୦୦୦୦(ଏକର)	୦.୧୬୧୮୭୪୩
୬	୧୦୬	ସରକାରୀ	ରାସ୍ତା	୦.୦୫୦୦୦୦୦(ଏକର)	୦.୦୨୦୨୩୪୩
୭	୧୦୭	ବେସରକାରୀ	ଶାରଦ-୨	୦.୨୯୦୦୦୦୦(ଏକର)	୦.୧୧୭୩୫୮୯
୮	୧୦୮	ବେସରକାରୀ	ଶାରଦ-୨	୦.୨୨୦୦୦୦୦(ଏକର)	୦.୦୮୯୦୩୦୮
୯	୧୦୯	ବେସରକାରୀ	ଶାରଦ-୧	୦.୧୫୦୦୦୦୦(ଏକର)	୦.୦୬୦୭୦୨୯
୧୦	୧୧୦	ବେସରକାରୀ	ଶାରଦ-୨	୦.୩୦୦୦୦୦୦(ଏକର)	୦.୧୨୧୪୦୫୭
୧୧	୧୧୧	ବେସରକାରୀ	ଶାରଦ-୨	୦.୨୪୦୦୦୦୦(ଏକର)	୦.୦୯୭୧୨୪୬
୧୨	୧୧୨	ବେସରକାରୀ	ଶାରଦ-୧	୦.୧୯୦୦୦୦୦(ଏକର)	୦.୦୭୬୮୯୦୩
୧୩	୧୧୩	ବେସରକାରୀ	ଶାରଦ-୨	୦.୩୩୦୦୦୦୦(ଏକର)	୦.୧୩୩୫୪୬୩
୧୪	୧୧୪	ବେସରକାରୀ	ଶାରଦ-୨	୦.୨୬୦୦୦୦୦(ଏକର)	୦.୧୦୫୨୨୧୯
୧୫	୧୧୫	ବେସରକାରୀ	ଶାରଦ-୧	୦.୧୭୦୦୦୦୦(ଏକର)	୦.୦୬୮୭୯୬୬
୧୬	୧୧୬	ବେସରକାରୀ	ଶାରଦ-୨	୦.୨୮୦୦୦୦୦(ଏକର)	୦.୧୧୩୩୧୨୦
୧୭	୧୧୭	ବେସରକାରୀ	ଶାରଦ-୨	୦.୨୧୦୦୦୦୦(ଏକର)	୦.୦୮୪୯୮୪୦
୧୮	୧୧୮	ବେସରକାରୀ	ଶାରଦ-୧	୦.୩୫୦୦୦୦୦(ଏକର)	୦.୧୪୧୬୪୦୦
ଗ୍ରାମ : ପୁରୁଷୋତ୍ତମ					
୧	୪୦୧	ବେସରକାରୀ	ବଜ	୦.୫୮୦୦୦୦୦(ଏକର)	୦.୨୩୪୭୧୭୮
୨	୪୦୨	ସରକାରୀ(ରୋଡ଼)	ଗୋଚର	୦.୨୦୦୦୦୦୦(ଏକର)	୦.୦୮୦୯୩୭୧
୩	୪୦୩	ବେସରକାରୀ	ଶାରଦ-୨	୦.୨୬୦୦୦୦୦(ଏକର)	୦.୧୦୫୨୨୧୯
୪	୪୦୪	ବେସରକାରୀ	ଶାରଦ-୧	୦.୩୨୦୦୦୦୦(ଏକର)	୦.୧୨୯୪୯୯୪
୫	୪୦୫	ବେସରକାରୀ	ଶାରଦ-୨	୦.୧୯୦୦୦୦୦(ଏକର)	୦.୦୭୬୮୯୦୩
୬	୪୦୬	ବେସରକାରୀ	ଶାରଦ-୨	୦.୨୪୦୦୦୦୦(ଏକର)	୦.୦୯୭୧୨୪୬
୭	୪୦୭	ବେସରକାରୀ	ଶାରଦ-୧	୦.୨୯୦୦୦୦୦(ଏକର)	୦.୧୧୭୩୫୮୯
୮	୪୦୮	ବେସରକାରୀ	ଶାରଦ-୨	୦.୧୬୦୦୦୦୦(ଏକର)	୦.୦୬୪୭୫୦୦
୯	୪୦୯	ବେସରକାରୀ	ଶାରଦ-୨	୦.୩୧୦୦୦୦୦(ଏକର)	୦.୧୨୫୪୫୨୬
୧୦	୪୧୦	ବେସରକାରୀ	ଶାରଦ-୧	୦.୨୨୦୦୦୦୦(ଏକର)	୦.୦୮୯୦୩୦୮
୧୧	୪୧୧	ବେସରକାରୀ	ଶାରଦ-୨	୦.୧୮୦୦୦୦୦(ଏକର)	୦.୦୭୨୮୪୩୪
୧୨	୪୧୨	ବେସରକାରୀ	ଶାରଦ-୨	୦.୨୭୦୦୦୦୦(ଏକର)	୦.୧୦୯୨୬୫୧
୧୩	୪୧୩	ବେସରକାରୀ	ଶାରଦ-୧	୦.୩୪୦୦୦୦୦(ଏକର)	୦.୧୩୭୫୯୩୧
୧୪	୪୧୪	ସରକାରୀ	ନଦୀ	୦.୬୦୦୦୦୦୦(ଏକର)	୦.୨୪୨୮୧୧୪
ଗ୍ରାମ : ଶିମିରି					
୧	୮୦୧	ସରକାରୀ(ରୋଡ଼)	ଗ୍ରାମ ଜଙ୍ଗଲ	୦.୦୨୦୦୦୦୦(ଏକର)	୦.୦୦୮୦୯୩୭
୨	୮୦୨	ବେସରକାରୀ	ବଜ	୦.୧୫୦୦୦୦୦(ଏକର)	୦.୦୬୦୭୦୨୯
୩	୮୦୩	ବେସରକାରୀ	ବଜ	୦.୨୮୦୦୦୦୦(ଏକର)	୦.୧୧୩୩୧୨୦
୪	୮୦୪	ବେସରକାରୀ	ବଜ	୦.୨୧୦୦୦୦୦(ଏକର)	୦.୦୮୪୯୮୪୦
(ପରବର୍ତ୍ତୀ ପୃଷ୍ଠାରେ)
